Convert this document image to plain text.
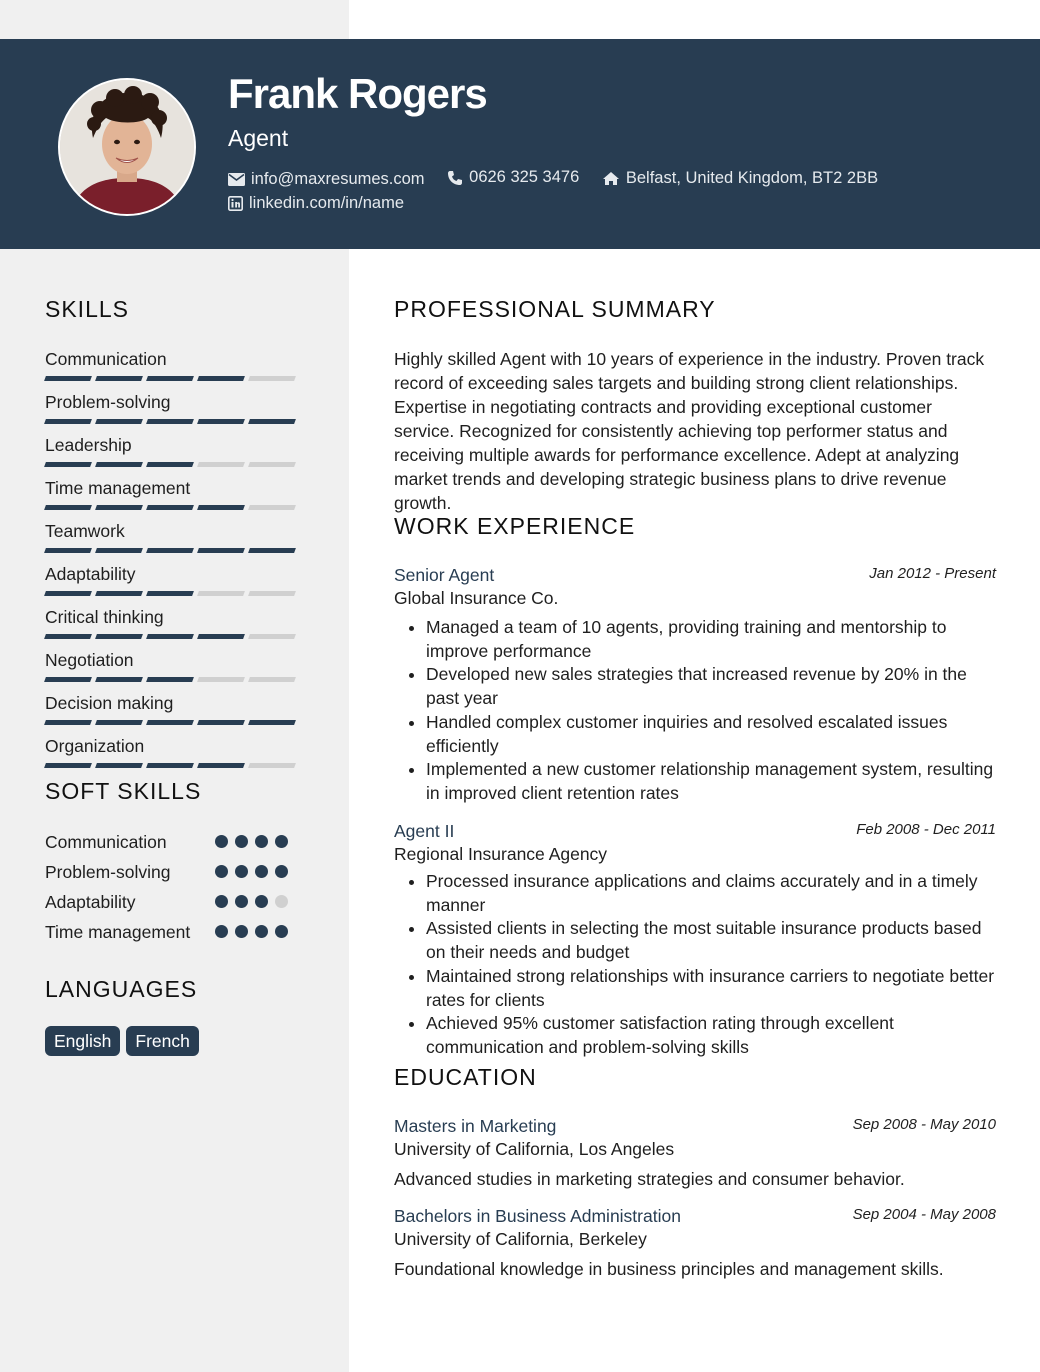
Frank Rogers
Agent
info@maxresumes.com
	0626 325 3476
	Belfast, United Kingdom, BT2 2BB
linkedin.com/in/name
SKILLS
Communication
Problem-solving
Leadership
Time management
Teamwork
Adaptability
Critical thinking
Negotiation
Decision making
Organization
SOFT SKILLS
Communication
Problem-solving
Adaptability
Time management
LANGUAGES
English	French
PROFESSIONAL SUMMARY

Highly skilled Agent with 10 years of experience in the industry. Proven track record of exceeding sales targets and building strong client relationships. Expertise in negotiating contracts and providing exceptional customer service. Recognized for consistently achieving top performer status and receiving multiple awards for performance excellence. Adept at analyzing market trends and developing strategic business plans to drive revenue growth.

WORK EXPERIENCE
Senior Agent	Jan 2012 - Present
Global Insurance Co.
• Managed a team of 10 agents, providing training and mentorship to improve performance
• Developed new sales strategies that increased revenue by 20% in the past year
• Handled complex customer inquiries and resolved escalated issues efficiently
• Implemented a new customer relationship management system, resulting in improved client retention rates
Agent II	Feb 2008 - Dec 2011
Regional Insurance Agency
• Processed insurance applications and claims accurately and in a timely manner
• Assisted clients in selecting the most suitable insurance products based on their needs and budget
• Maintained strong relationships with insurance carriers to negotiate better rates for clients
• Achieved 95% customer satisfaction rating through excellent communication and problem-solving skills
EDUCATION
Masters in Marketing	Sep 2008 - May 2010
University of California, Los Angeles
Advanced studies in marketing strategies and consumer behavior.
Bachelors in Business Administration	Sep 2004 - May 2008
University of California, Berkeley
Foundational knowledge in business principles and management skills.
